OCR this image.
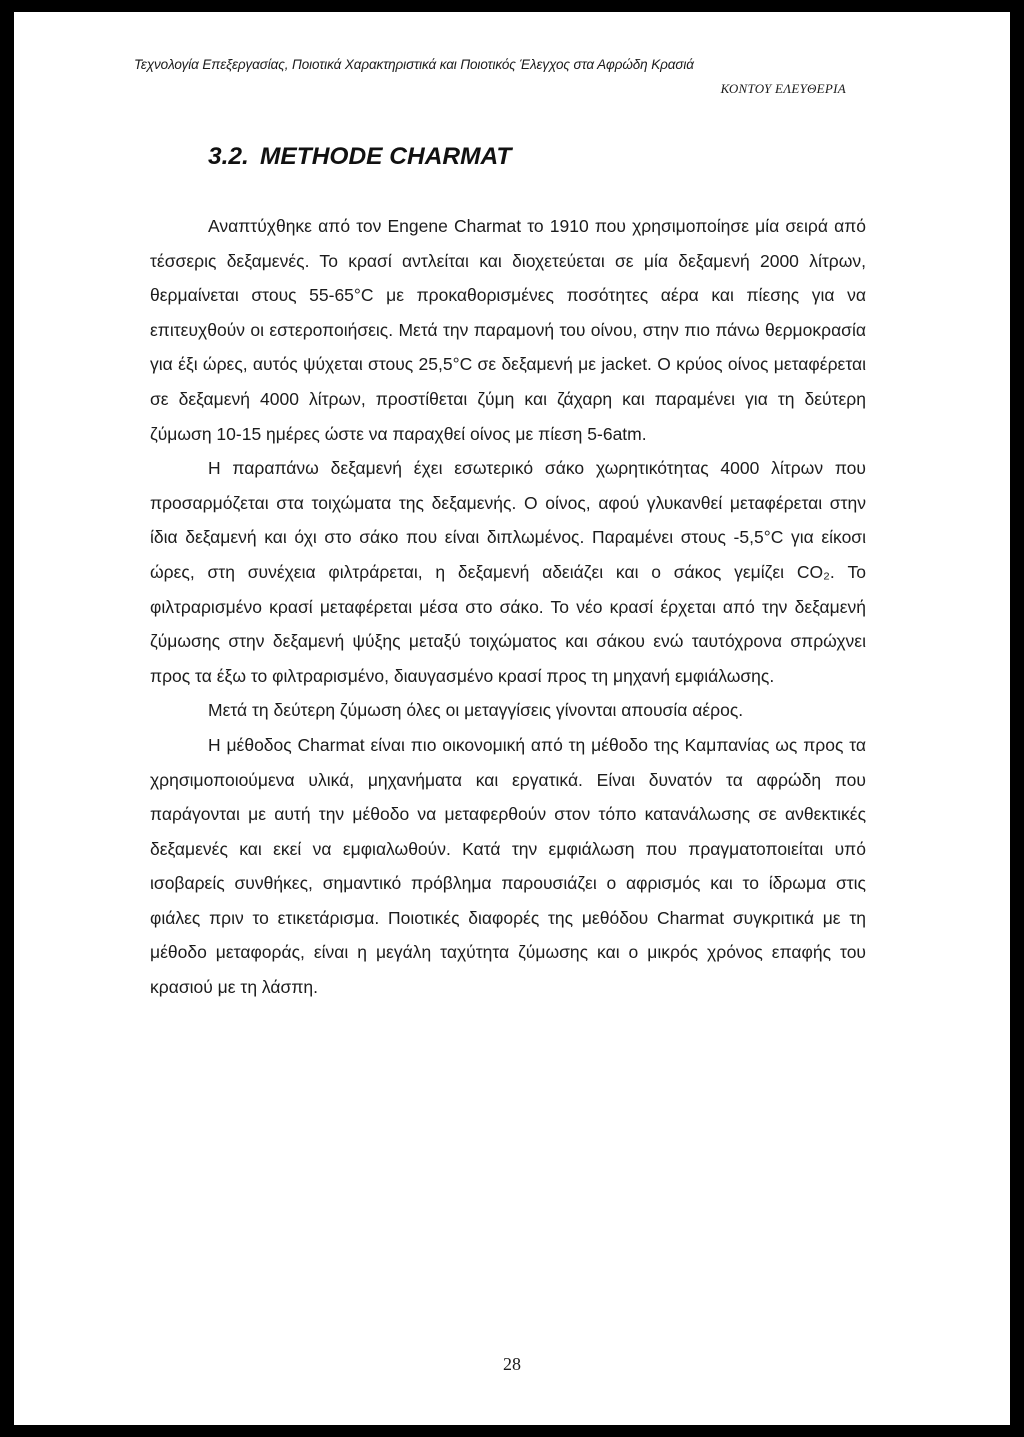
Τεχνολογία Επεξεργασίας, Ποιοτικά Χαρακτηριστικά και Ποιοτικός Έλεγχος στα Αφρώδη Κρασιά
ΚΟΝΤΟΥ ΕΛΕΥΘΕΡΙΑ
3.2. METHODE CHARMAT

Αναπτύχθηκε από τον Engene Charmat το 1910 που χρησιμοποίησε μία σειρά από τέσσερις δεξαμενές. Το κρασί αντλείται και διοχετεύεται σε μία δεξαμενή 2000 λίτρων, θερμαίνεται στους 55-65°C με προκαθορισμένες ποσότητες αέρα και πίεσης για να επιτευχθούν οι εστεροποιήσεις. Μετά την παραμονή του οίνου, στην πιο πάνω θερμοκρασία για έξι ώρες, αυτός ψύχεται στους 25,5°C σε δεξαμενή με jacket. Ο κρύος οίνος μεταφέρεται σε δεξαμενή 4000 λίτρων, προστίθεται ζύμη και ζάχαρη και παραμένει για τη δεύτερη ζύμωση 10-15 ημέρες ώστε να παραχθεί οίνος με πίεση 5-6atm.

Η παραπάνω δεξαμενή έχει εσωτερικό σάκο χωρητικότητας 4000 λίτρων που προσαρμόζεται στα τοιχώματα της δεξαμενής. Ο οίνος, αφού γλυκανθεί μεταφέρεται στην ίδια δεξαμενή και όχι στο σάκο που είναι διπλωμένος. Παραμένει στους -5,5°C για είκοσι ώρες, στη συνέχεια φιλτράρεται, η δεξαμενή αδειάζει και ο σάκος γεμίζει CO₂. Το φιλτραρισμένο κρασί μεταφέρεται μέσα στο σάκο. Το νέο κρασί έρχεται από την δεξαμενή ζύμωσης στην δεξαμενή ψύξης μεταξύ τοιχώματος και σάκου ενώ ταυτόχρονα σπρώχνει προς τα έξω το φιλτραρισμένο, διαυγασμένο κρασί προς τη μηχανή εμφιάλωσης.

Μετά τη δεύτερη ζύμωση όλες οι μεταγγίσεις γίνονται απουσία αέρος.

Η μέθοδος Charmat είναι πιο οικονομική από τη μέθοδο της Καμπανίας ως προς τα χρησιμοποιούμενα υλικά, μηχανήματα και εργατικά. Είναι δυνατόν τα αφρώδη που παράγονται με αυτή την μέθοδο να μεταφερθούν στον τόπο κατανάλωσης σε ανθεκτικές δεξαμενές και εκεί να εμφιαλωθούν. Κατά την εμφιάλωση που πραγματοποιείται υπό ισοβαρείς συνθήκες, σημαντικό πρόβλημα παρουσιάζει ο αφρισμός και το ίδρωμα στις φιάλες πριν το ετικετάρισμα. Ποιοτικές διαφορές της μεθόδου Charmat συγκριτικά με τη μέθοδο μεταφοράς, είναι η μεγάλη ταχύτητα ζύμωσης και ο μικρός χρόνος επαφής του κρασιού με τη λάσπη.

28
